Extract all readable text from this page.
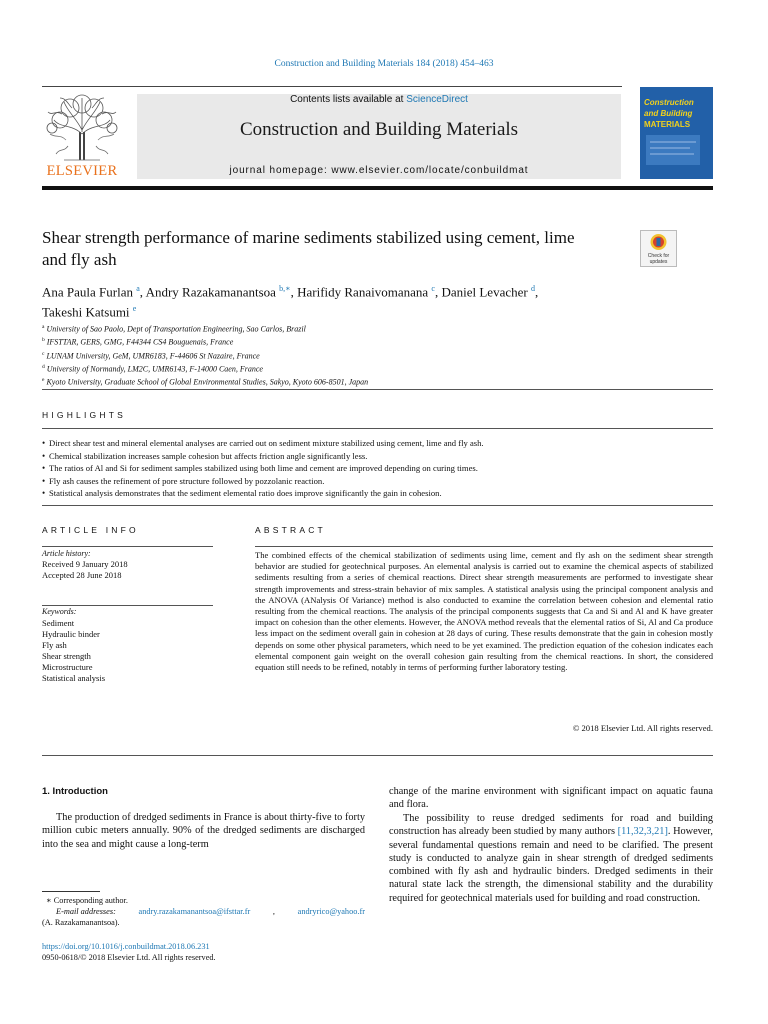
Construction and Building Materials 184 (2018) 454–463
ELSEVIER
Contents lists available at ScienceDirect
Construction and Building Materials
journal homepage: www.elsevier.com/locate/conbuildmat
Construction
and Building
MATERIALS
Shear strength performance of marine sediments stabilized using cement, lime and fly ash	Check for updates
Ana Paula Furlan $^a$, Andry Razakamanantsoa $^{b,∗}$, Harifidy Ranaivomanana $^c$, Daniel Levacher $^d$,
Takeshi Katsumi $^e$
$^a$ University of Sao Paolo, Dept of Transportation Engineering, Sao Carlos, Brazil
$^b$ IFSTTAR, GERS, GMG, F44344 CS4 Bouguenais, France
$^c$ LUNAM University, GeM, UMR6183, F-44606 St Nazaire, France
$^d$ University of Normandy, LM2C, UMR6143, F-14000 Caen, France
$^e$ Kyoto University, Graduate School of Global Environmental Studies, Sakyo, Kyoto 606-8501, Japan
HIGHLIGHTS
• Direct shear test and mineral elemental analyses are carried out on sediment mixture stabilized using cement, lime and fly ash.
• Chemical stabilization increases sample cohesion but affects friction angle significantly less.
• The ratios of Al and Si for sediment samples stabilized using both lime and cement are improved depending on curing times.
• Fly ash causes the refinement of pore structure followed by pozzolanic reaction.
• Statistical analysis demonstrates that the sediment elemental ratio does improve significantly the gain in cohesion.
ARTICLE INFO
Article history:
Received 9 January 2018
Accepted 28 June 2018
Keywords:
Sediment
Hydraulic binder
Fly ash
Shear strength
Microstructure
Statistical analysis
ABSTRACT
The combined effects of the chemical stabilization of sediments using lime, cement and fly ash on the sediment shear strength behavior are studied for geotechnical purposes. An elemental analysis is carried out to examine the chemical aspects of stabilized sediments resulting from a series of chemical reactions. Direct shear strength measurements are performed to investigate shear strength improvements and stress-strain behavior of mix samples. A statistical analysis using the principal component analysis and the ANOVA (ANalysis Of Variance) method is also conducted to examine the correlation between cohesion and elemental ratio resulting from the chemical reactions. The analysis of the principal components suggests that Ca and Si and Al and K have greater impact on cohesion than the other elements. However, the ANOVA method reveals that the elemental ratios of Si, Al and Ca produce less impact on the sediment overall gain in cohesion at 28 days of curing. These results demonstrate that the gain in cohesion mostly depends on some other physical parameters, which need to be yet examined. The prediction equation of the cohesion indicates each elemental component gain weight on the overall cohesion gain resulting from the chemical reactions. In short, the considered equation still needs to be refined, notably in terms of performing further laboratory testing.
© 2018 Elsevier Ltd. All rights reserved.
1. Introduction
The production of dredged sediments in France is about thirty-five to forty million cubic meters annually. 90% of the dredged sediments are discharged into the sea and might cause a long-term
change of the marine environment with significant impact on aquatic fauna and flora.
The possibility to reuse dredged sediments for road and building construction has already been studied by many authors [11,32,3,21]. However, several fundamental questions remain and need to be clarified. The present study is conducted to analyze gain in shear strength of dredged sediments combined with fly ash and hydraulic binders. Dredged sediments in their natural state lack the strength, the dimensional stability and the durability required for geotechnical materials used for building and road construction.
∗ Corresponding author.
E-mail addresses:	andry.razakamanantsoa@ifsttar.fr	,	andryrico@yahoo.fr
(A. Razakamanantsoa).
https://doi.org/10.1016/j.conbuildmat.2018.06.231
0950-0618/© 2018 Elsevier Ltd. All rights reserved.
